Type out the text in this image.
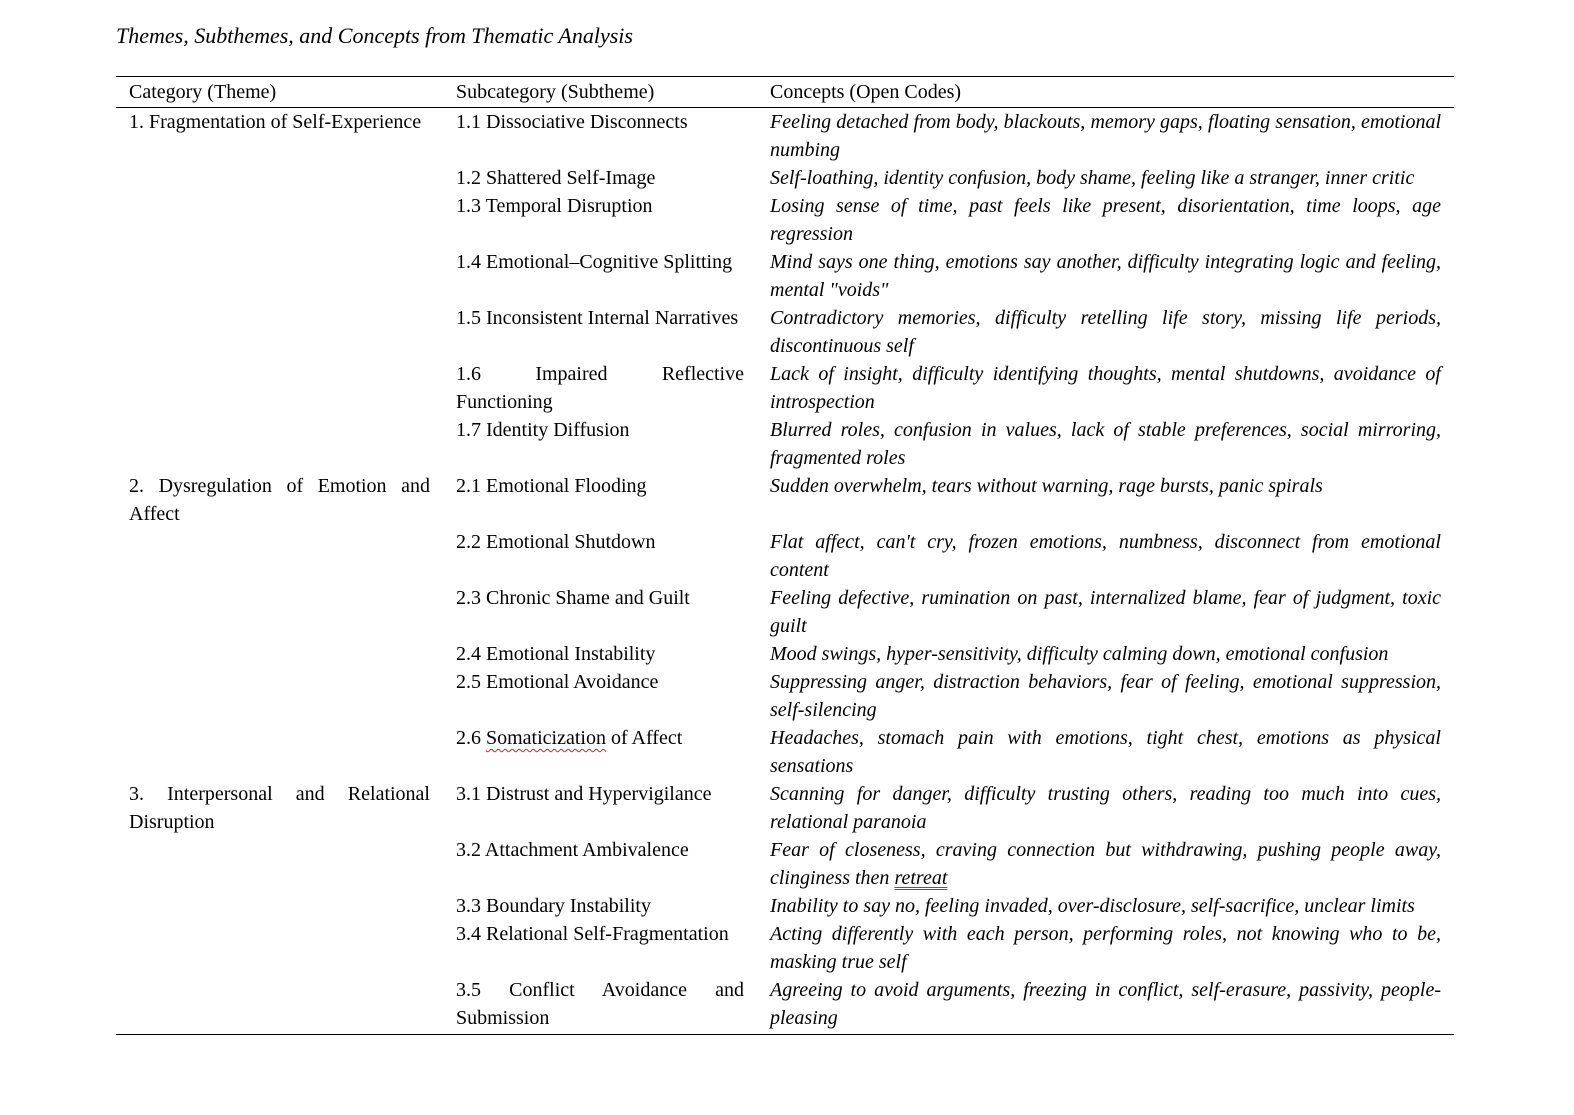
Themes, Subthemes, and Concepts from Thematic Analysis
Category (Theme)	Subcategory (Subtheme)	Concepts (Open Codes)
1. Fragmentation of Self-Experience	1.1 Dissociative Disconnects	Feeling detached from body, blackouts, memory gaps, floating sensation, emotional numbing
	1.2 Shattered Self-Image	Self-loathing, identity confusion, body shame, feeling like a stranger, inner critic
	1.3 Temporal Disruption	Losing sense of time, past feels like present, disorientation, time loops, age regression
	1.4 Emotional–Cognitive Splitting	Mind says one thing, emotions say another, difficulty integrating logic and feeling, mental "voids"
	1.5 Inconsistent Internal Narratives	Contradictory memories, difficulty retelling life story, missing life periods, discontinuous self
	1.6 Impaired Reflective Functioning	Lack of insight, difficulty identifying thoughts, mental shutdowns, avoidance of introspection
	1.7 Identity Diffusion	Blurred roles, confusion in values, lack of stable preferences, social mirroring, fragmented roles
2. Dysregulation of Emotion and Affect	2.1 Emotional Flooding	Sudden overwhelm, tears without warning, rage bursts, panic spirals
	2.2 Emotional Shutdown	Flat affect, can't cry, frozen emotions, numbness, disconnect from emotional content
	2.3 Chronic Shame and Guilt	Feeling defective, rumination on past, internalized blame, fear of judgment, toxic guilt
	2.4 Emotional Instability	Mood swings, hyper-sensitivity, difficulty calming down, emotional confusion
	2.5 Emotional Avoidance	Suppressing anger, distraction behaviors, fear of feeling, emotional suppression, self-silencing
	2.6 Somaticization of Affect	Headaches, stomach pain with emotions, tight chest, emotions as physical sensations
3. Interpersonal and Relational Disruption	3.1 Distrust and Hypervigilance	Scanning for danger, difficulty trusting others, reading too much into cues, relational paranoia
	3.2 Attachment Ambivalence	Fear of closeness, craving connection but withdrawing, pushing people away, clinginess then retreat
	3.3 Boundary Instability	Inability to say no, feeling invaded, over-disclosure, self-sacrifice, unclear limits
	3.4 Relational Self-Fragmentation	Acting differently with each person, performing roles, not knowing who to be, masking true self
	3.5 Conflict Avoidance and Submission	Agreeing to avoid arguments, freezing in conflict, self-erasure, passivity, people-pleasing
